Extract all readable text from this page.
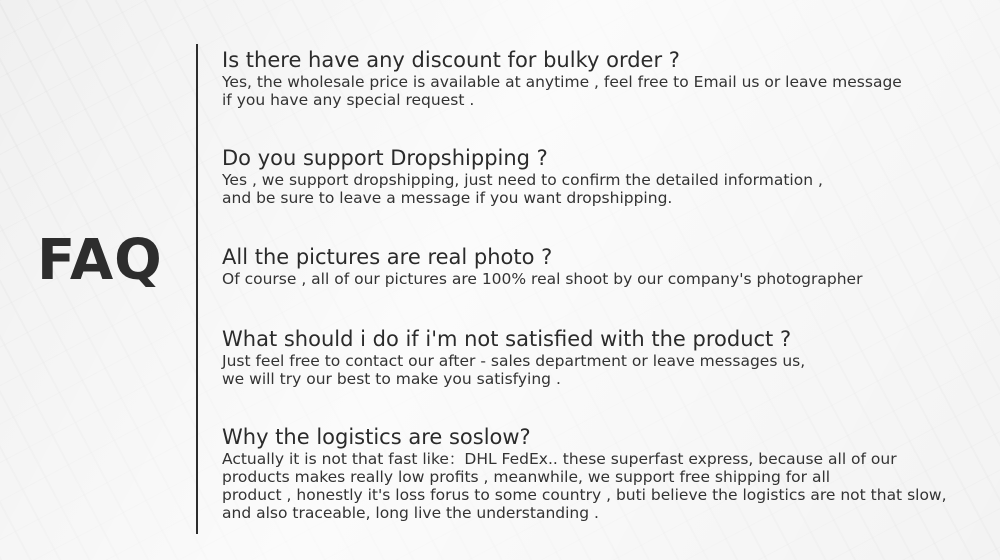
FAQ
Is there have any discount for bulky order ?

Yes, the wholesale price is available at anytime , feel free to Email us or leave message
if you have any special request .

Do you support Dropshipping ?

Yes , we support dropshipping, just need to confirm the detailed information ,
and be sure to leave a message if you want dropshipping.

All the pictures are real photo ?

Of course , all of our pictures are 100% real shoot by our company's photographer

What should i do if i'm not satisfied with the product ?

Just feel free to contact our after - sales department or leave messages us,
we will try our best to make you satisfying .

Why the logistics are soslow?

Actually it is not that fast like：DHL FedEx.. these superfast express, because all of our
products makes really low profits , meanwhile, we support free shipping for all
product , honestly it's loss forus to some country , buti believe the logistics are not that slow,
and also traceable, long live the understanding .
